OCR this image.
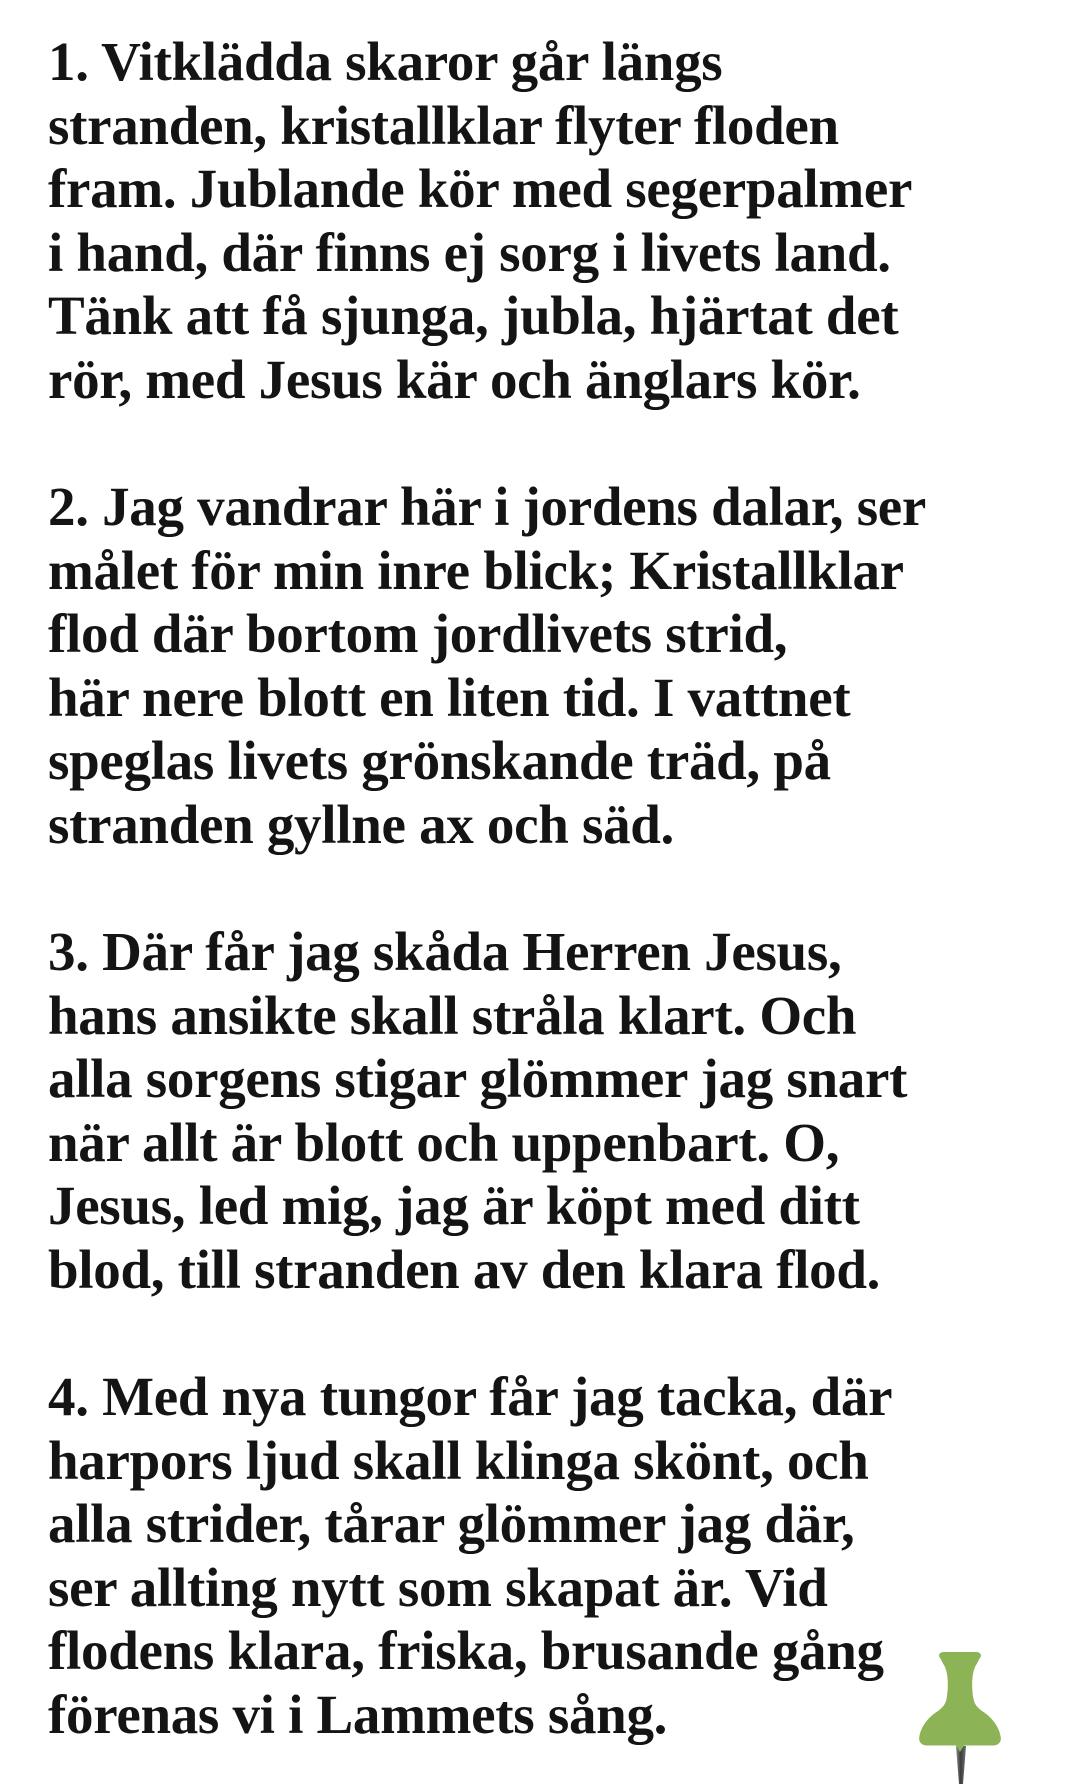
1. Vitklädda skaror går längs
stranden, kristallklar flyter floden
fram. Jublande kör med segerpalmer
i hand, där finns ej sorg i livets land.
Tänk att få sjunga, jubla, hjärtat det
rör, med Jesus kär och änglars kör.
2. Jag vandrar här i jordens dalar, ser
målet för min inre blick; Kristallklar
flod där bortom jordlivets strid,
här nere blott en liten tid. I vattnet
speglas livets grönskande träd, på
stranden gyllne ax och säd.
3. Där får jag skåda Herren Jesus,
hans ansikte skall stråla klart. Och
alla sorgens stigar glömmer jag snart
när allt är blott och uppenbart. O,
Jesus, led mig, jag är köpt med ditt
blod, till stranden av den klara flod.
4. Med nya tungor får jag tacka, där
harpors ljud skall klinga skönt, och
alla strider, tårar glömmer jag där,
ser allting nytt som skapat är. Vid
flodens klara, friska, brusande gång
förenas vi i Lammets sång.
